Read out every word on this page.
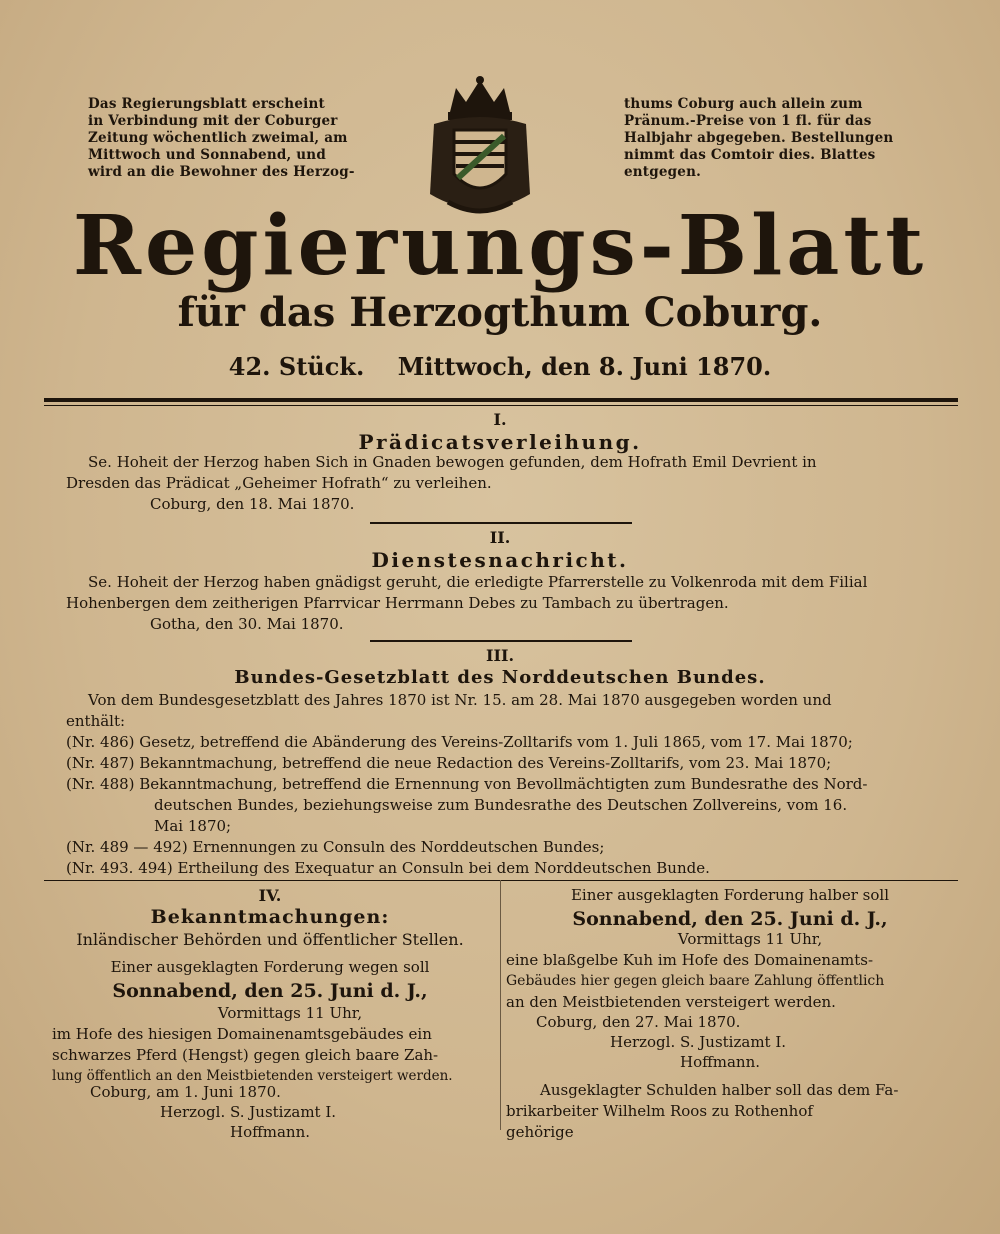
Das Regierungsblatt erscheint
in Verbindung mit der Coburger
Zeitung wöchentlich zweimal, am
Mittwoch und Sonnabend, und
wird an die Bewohner des Herzog-
thums Coburg auch allein zum
Pränum.-Preise von 1 fl. für das
Halbjahr abgegeben. Bestellungen
nimmt das Comtoir dies. Blattes
entgegen.
Regierungs-Blatt
für das Herzogthum Coburg.
42. Stück. Mittwoch, den 8. Juni 1870.
I.
Prädicatsverleihung.
Se. Hoheit der Herzog haben Sich in Gnaden bewogen gefunden, dem Hofrath Emil Devrient in
Dresden das Prädicat „Geheimer Hofrath“ zu verleihen.
Coburg, den 18. Mai 1870.
II.
Dienstesnachricht.
Se. Hoheit der Herzog haben gnädigst geruht, die erledigte Pfarrerstelle zu Volkenroda mit dem Filial
Hohenbergen dem zeitherigen Pfarrvicar Herrmann Debes zu Tambach zu übertragen.
Gotha, den 30. Mai 1870.
III.
Bundes-Gesetzblatt des Norddeutschen Bundes.
Von dem Bundesgesetzblatt des Jahres 1870 ist Nr. 15. am 28. Mai 1870 ausgegeben worden und
enthält:
(Nr. 486) Gesetz, betreffend die Abänderung des Vereins-Zolltarifs vom 1. Juli 1865, vom 17. Mai 1870;
(Nr. 487) Bekanntmachung, betreffend die neue Redaction des Vereins-Zolltarifs, vom 23. Mai 1870;
(Nr. 488) Bekanntmachung, betreffend die Ernennung von Bevollmächtigten zum Bundesrathe des Nord-
deutschen Bundes, beziehungsweise zum Bundesrathe des Deutschen Zollvereins, vom 16.
Mai 1870;
(Nr. 489 — 492) Ernennungen zu Consuln des Norddeutschen Bundes;
(Nr. 493. 494) Ertheilung des Exequatur an Consuln bei dem Norddeutschen Bunde.
IV.
Bekanntmachungen:
Inländischer Behörden und öffentlicher Stellen.
Einer ausgeklagten Forderung wegen soll
Sonnabend, den 25. Juni d. J.,
Vormittags 11 Uhr,
im Hofe des hiesigen Domainenamtsgebäudes ein
schwarzes Pferd (Hengst) gegen gleich baare Zah-
lung öffentlich an den Meistbietenden versteigert werden.
Coburg, am 1. Juni 1870.
Herzogl. S. Justizamt I.
Hoffmann.
Einer ausgeklagten Forderung halber soll
Sonnabend, den 25. Juni d. J.,
Vormittags 11 Uhr,
eine blaßgelbe Kuh im Hofe des Domainenamts-
Gebäudes hier gegen gleich baare Zahlung öffentlich
an den Meistbietenden versteigert werden.
Coburg, den 27. Mai 1870.
Herzogl. S. Justizamt I.
Hoffmann.
Ausgeklagter Schulden halber soll das dem Fa-
brikarbeiter Wilhelm Roos zu Rothenhof
gehörige
